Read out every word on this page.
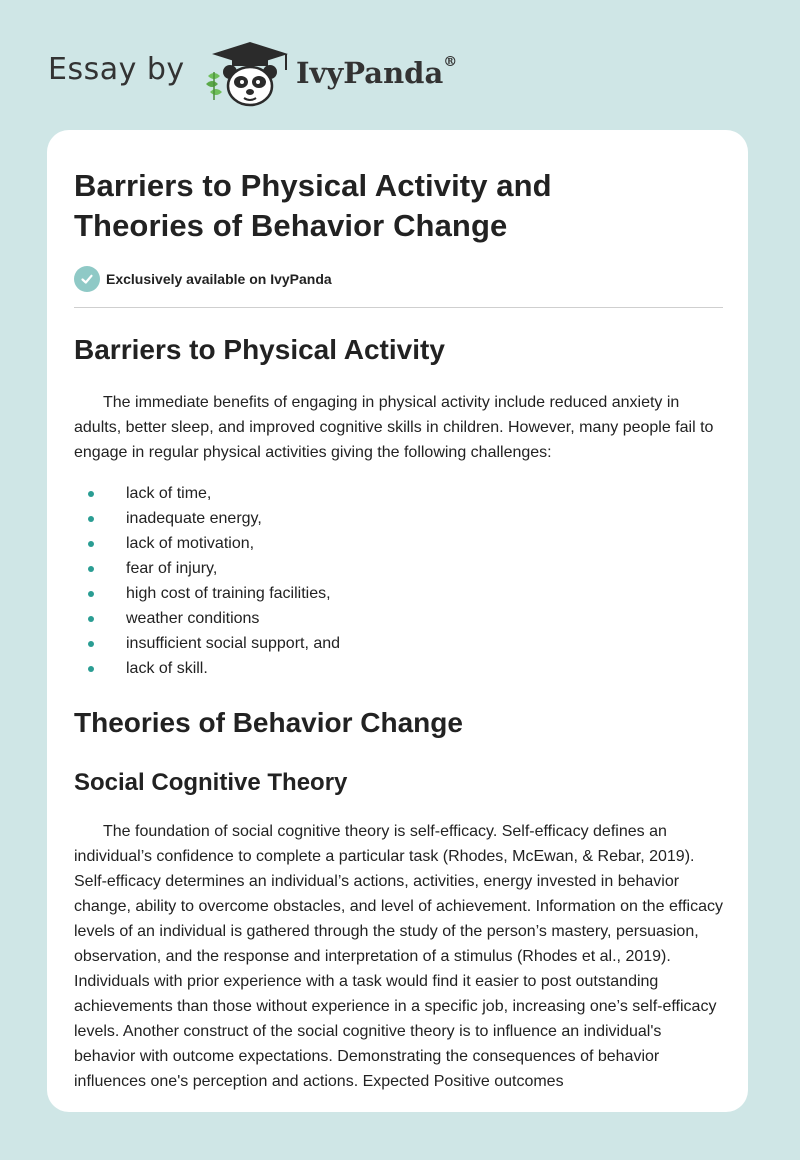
Essay by	IvyPanda®
Barriers to Physical Activity and
Theories of Behavior Change
Exclusively available on IvyPanda
Barriers to Physical Activity

The immediate benefits of engaging in physical activity include reduced anxiety in adults, better sleep, and improved cognitive skills in children. However, many people fail to engage in regular physical activities giving the following challenges:

lack of time,
inadequate energy,
lack of motivation,
fear of injury,
high cost of training facilities,
weather conditions
insufficient social support, and
lack of skill.
Theories of Behavior Change
Social Cognitive Theory

The foundation of social cognitive theory is self-efficacy. Self-efficacy defines an individual’s confidence to complete a particular task (Rhodes, McEwan, & Rebar, 2019). Self-efficacy determines an individual’s actions, activities, energy invested in behavior change, ability to overcome obstacles, and level of achievement. Information on the efficacy levels of an individual is gathered through the study of the person’s mastery, persuasion, observation, and the response and interpretation of a stimulus (Rhodes et al., 2019). Individuals with prior experience with a task would find it easier to post outstanding achievements than those without experience in a specific job, increasing one’s self-efficacy levels. Another construct of the social cognitive theory is to influence an individual's behavior with outcome expectations. Demonstrating the consequences of behavior influences one's perception and actions. Expected Positive outcomes
